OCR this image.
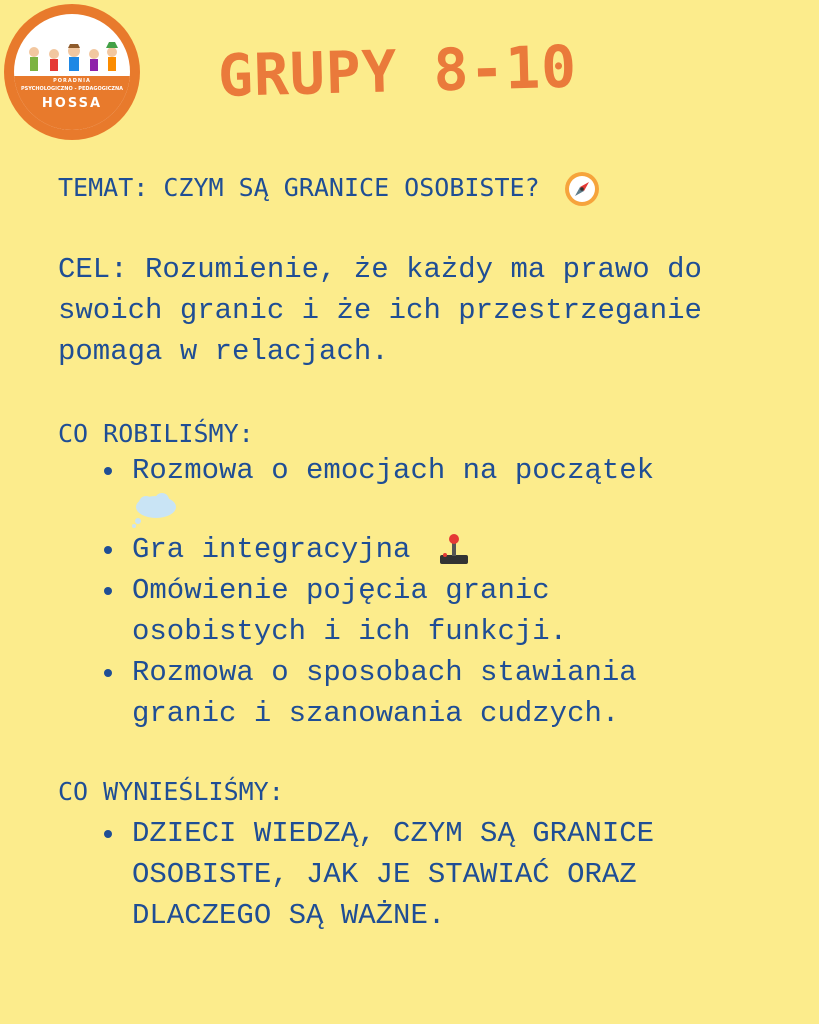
PORADNIA
PSYCHOLOGICZNO - PEDAGOGICZNA
HOSSA	GRUPY 8-10

TEMAT: CZYM SĄ GRANICE OSOBISTE?

CEL: Rozumienie, że każdy ma prawo do
swoich granic i że ich przestrzeganie
pomaga w relacjach.
CO ROBILIŚMY:
Rozmowa o emocjach na początek
Gra integracyjna
Omówienie pojęcia granic
osobistych i ich funkcji.
Rozmowa o sposobach stawiania
granic i szanowania cudzych.
CO WYNIEŚLIŚMY:
DZIECI WIEDZĄ, CZYM SĄ GRANICE
OSOBISTE, JAK JE STAWIAĆ ORAZ
DLACZEGO SĄ WAŻNE.
